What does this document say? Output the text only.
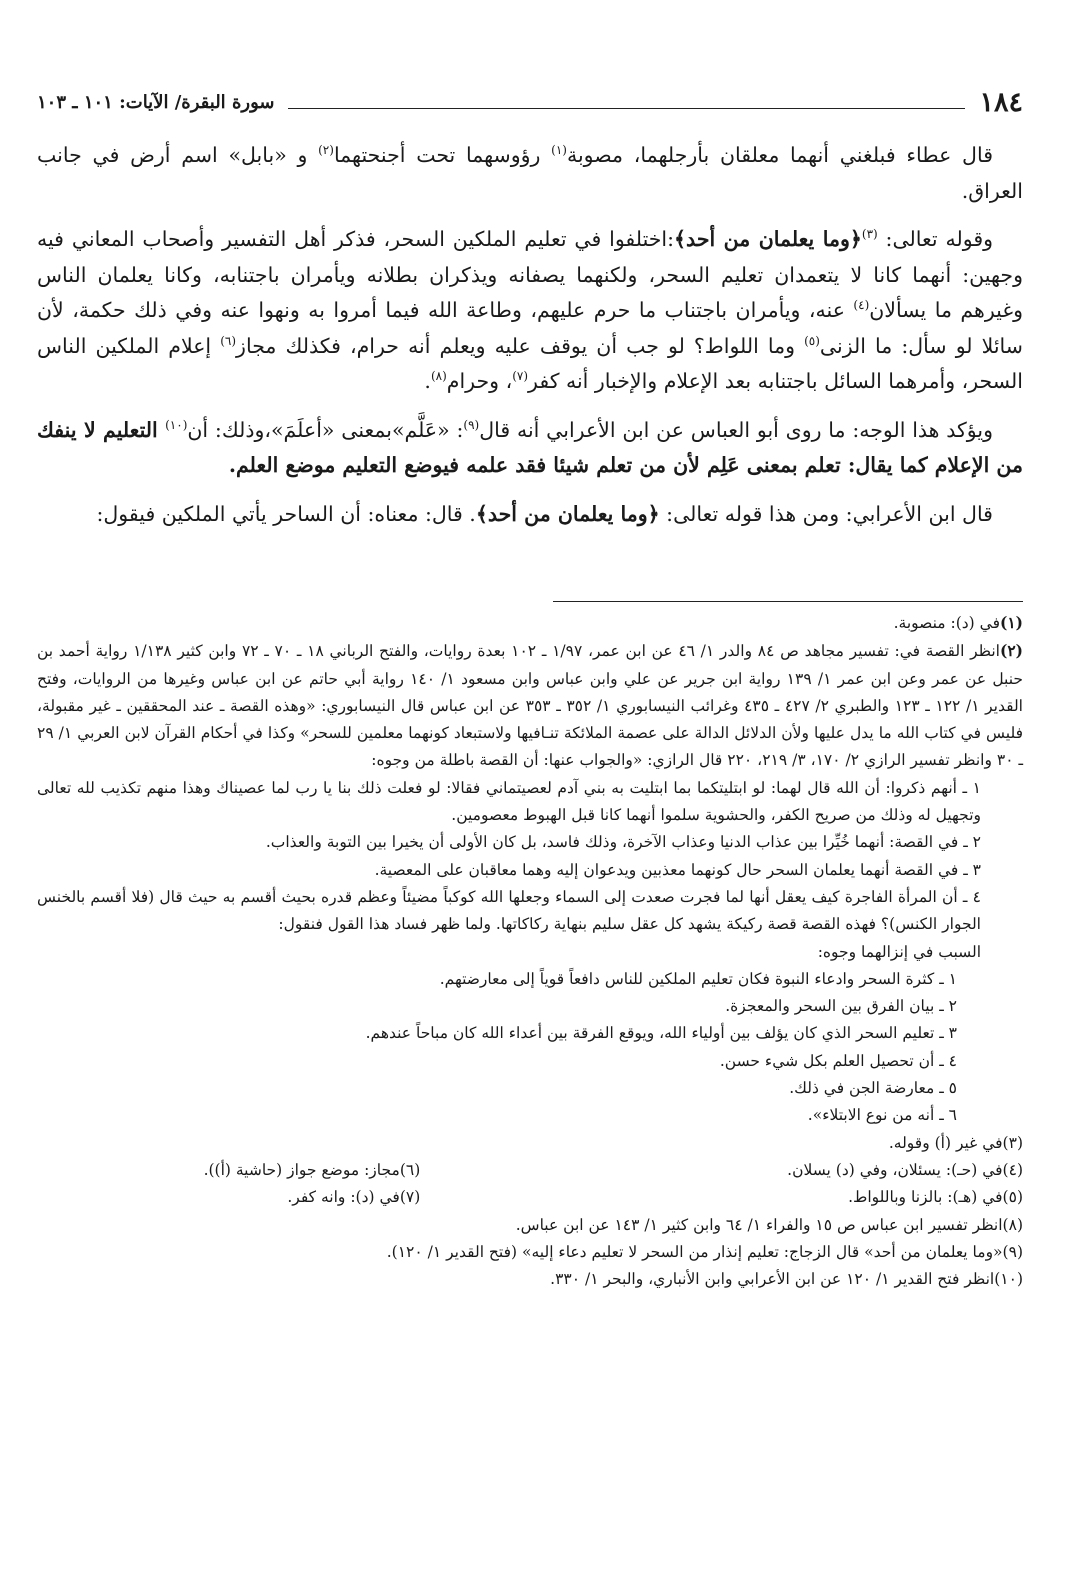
١٨٤
سورة البقرة/ الآيات: ١٠١ ـ ١٠٣

قال عطاء فبلغني أنهما معلقان بأرجلهما، مصوبة$^{(١)}$ رؤوسهما تحت أجنحتهما$^{(٢)}$ و «بابل» اسم أرض في جانب العراق.

وقوله تعالى: $^{(٣)}$﴿وما يعلمان من أحد﴾:اختلفوا في تعليم الملكين السحر، فذكر أهل التفسير وأصحاب المعاني فيه وجهين: أنهما كانا لا يتعمدان تعليم السحر، ولكنهما يصفانه ويذكران بطلانه ويأمران باجتنابه، وكانا يعلمان الناس وغيرهم ما يسألان$^{(٤)}$ عنه، ويأمران باجتناب ما حرم عليهم، وطاعة الله فيما أمروا به ونهوا عنه وفي ذلك حكمة، لأن سائلا لو سأل: ما الزنى$^{(٥)}$ وما اللواط؟ لو جب أن يوقف عليه ويعلم أنه حرام، فكذلك مجاز$^{(٦)}$ إعلام الملكين الناس السحر، وأمرهما السائل باجتنابه بعد الإعلام والإخبار أنه كفر$^{(٧)}$، وحرام$^{(٨)}$.

ويؤكد هذا الوجه: ما روى أبو العباس عن ابن الأعرابي أنه قال$^{(٩)}$: «عَلَّم»بمعنى «أعلَمَ»،وذلك: أن$^{(١٠)}$ التعليم لا ينفك من الإعلام كما يقال: تعلم بمعنى عَلِم لأن من تعلم شيئا فقد علمه فيوضع التعليم موضع العلم.

قال ابن الأعرابي: ومن هذا قوله تعالى: ﴿وما يعلمان من أحد﴾. قال: معناه: أن الساحر يأتي الملكين فيقول:

(١)في (د): منصوبة.

(٢)انظر القصة في: تفسير مجاهد ص ٨٤ والدر ١/ ٤٦ عن ابن عمر، ١/٩٧ ـ ١٠٢ بعدة روايات، والفتح الرباني ١٨ ـ ٧٠ ـ ٧٢ وابن كثير ١/١٣٨ رواية أحمد بن حنبل عن عمر وعن ابن عمر ١/ ١٣٩ رواية ابن جرير عن علي وابن عباس وابن مسعود ١/ ١٤٠ رواية أبي حاتم عن ابن عباس وغيرها من الروايات، وفتح القدير ١/ ١٢٢ ـ ١٢٣ والطبري ٢/ ٤٢٧ ـ ٤٣٥ وغرائب النيسابوري ١/ ٣٥٢ ـ ٣٥٣ عن ابن عباس قال النيسابوري: «وهذه القصة ـ عند المحققين ـ غير مقبولة، فليس في كتاب الله ما يدل عليها ولأن الدلائل الدالة على عصمة الملائكة تنـافيها ولاستبعاد كونهما معلمين للسحر» وكذا في أحكام القرآن لابن العربي ١/ ٢٩ ـ ٣٠ وانظر تفسير الرازي ٢/ ١٧٠، ٣/ ٢١٩، ٢٢٠ قال الرازي: «والجواب عنها: أن القصة باطلة من وجوه:

١ ـ أنهم ذكروا: أن الله قال لهما: لو ابتليتكما بما ابتليت به بني آدم لعصيتماني فقالا: لو فعلت ذلك بنا يا رب لما عصيناك وهذا منهم تكذيب لله تعالى وتجهيل له وذلك من صريح الكفر، والحشوية سلموا أنهما كانا قبل الهبوط معصومين.

٢ ـ في القصة: أنهما خُيِّرا بين عذاب الدنيا وعذاب الآخرة، وذلك فاسد، بل كان الأولى أن يخيرا بين التوبة والعذاب.

٣ ـ في القصة أنهما يعلمان السحر حال كونهما معذبين ويدعوان إليه وهما معاقبان على المعصية.

٤ ـ أن المرأة الفاجرة كيف يعقل أنها لما فجرت صعدت إلى السماء وجعلها الله كوكباً مضيئاً وعظم قدره بحيث أقسم به حيث قال (فلا أقسم بالخنس الجوار الكنس)؟ فهذه القصة قصة ركيكة يشهد كل عقل سليم بنهاية ركاكاتها. ولما ظهر فساد هذا القول فنقول:

السبب في إنزالهما وجوه:

١ ـ كثرة السحر وادعاء النبوة فكان تعليم الملكين للناس دافعاً قوياً إلى معارضتهم.

٢ ـ بيان الفرق بين السحر والمعجزة.

٣ ـ تعليم السحر الذي كان يؤلف بين أولياء الله، ويوقع الفرقة بين أعداء الله كان مباحاً عندهم.

٤ ـ أن تحصيل العلم بكل شيء حسن.

٥ ـ معارضة الجن في ذلك.

٦ ـ أنه من نوع الابتلاء».

(٣)في غير (أ) وقوله.

(٤)في (حـ): يسئلان، وفي (د) يسلان.

(٦)مجاز: موضع جواز (حاشية (أ)).

(٥)في (هـ): بالزنا وباللواط.

(٧)في (د): وانه كفر.

(٨)انظر تفسير ابن عباس ص ١٥ والفراء ١/ ٦٤ وابن كثير ١/ ١٤٣ عن ابن عباس.

(٩)«وما يعلمان من أحد» قال الزجاج: تعليم إنذار من السحر لا تعليم دعاء إليه» (فتح القدير ١/ ١٢٠).

(١٠)انظر فتح القدير ١/ ١٢٠ عن ابن الأعرابي وابن الأنباري، والبحر ١/ ٣٣٠.
